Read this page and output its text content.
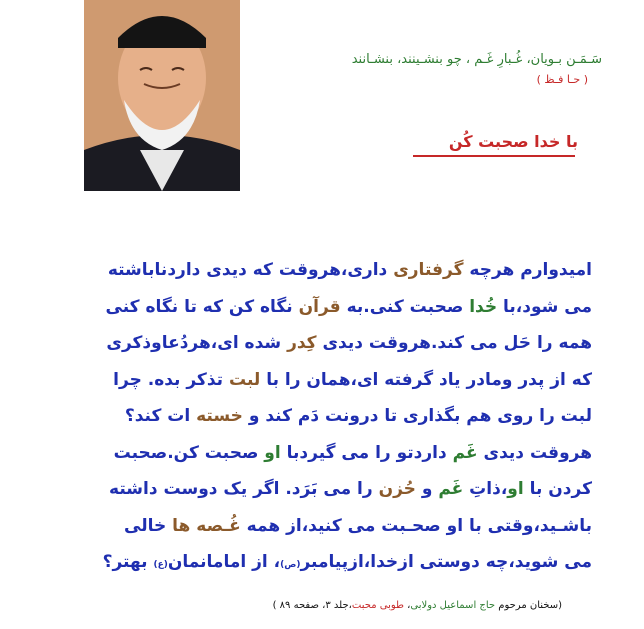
سَـمَـن بـویان، غُـبارِ غَـم ، چو بنشـینند، بنشـانند
( حـا فـظ )
با خدا صحبت کُن
امیدوارم هرچه گرفتاری داری،هروقت که دیدی دارد‌ناباشته
می شود،با خُدا صحبت کنی.به قرآن نگاه کن که تا نگاه کنی
همه را حَل می کند.هروقت دیدی کِدر شده ای،هردُعاوذکری
که از پدر ومادر یاد گرفته ای،همان را با لبت تذکر بده. چرا
لبت را روی هم بگذاری تا درونت دَم کند و خسته ات کند؟
هروقت دیدی غَم داردتو را می گیردبا او صحبت کن.صحبت
کردن با او،ذاتِ غَم و حُزن را می بَرَد. اگر یک دوست داشته
باشـید،وقتی با او صحـبت می کنید،از همه غُـصه ها خالی
می شوید،چه دوستی ازخدا،ازپیامبر(ص)، از امامانمان(ع) بهتر؟
(سخنان مرحوم حاج اسماعیل دولابی، طوبی محبت،جلد ۳، صفحه ۸۹ )
